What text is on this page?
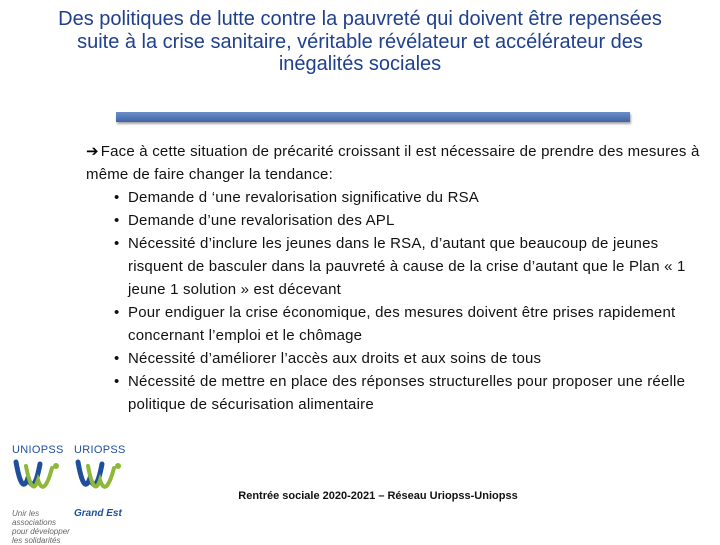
Des politiques de lutte contre la pauvreté qui doivent être repensées suite à la crise sanitaire, véritable révélateur et accélérateur des inégalités sociales
➔ Face à cette situation de précarité croissant il est nécessaire de prendre des mesures à même de faire changer la tendance:
• Demande d ‘une revalorisation significative du RSA
• Demande d’une revalorisation des APL
• Nécessité d’inclure les jeunes dans le RSA, d’autant que beaucoup de jeunes risquent de basculer dans la pauvreté à cause de la crise d’autant que le Plan « 1 jeune 1 solution » est décevant
• Pour endiguer la crise économique, des mesures doivent être prises rapidement concernant l’emploi et le chômage
• Nécessité d’améliorer l’accès aux droits et aux soins de tous
• Nécessité de mettre en place des réponses structurelles pour proposer une réelle politique de sécurisation alimentaire
UNIOPSS
Unir les associations pour développer les solidarités
URIOPSS
Grand Est
Rentrée sociale 2020-2021 – Réseau Uriopss-Uniopss
